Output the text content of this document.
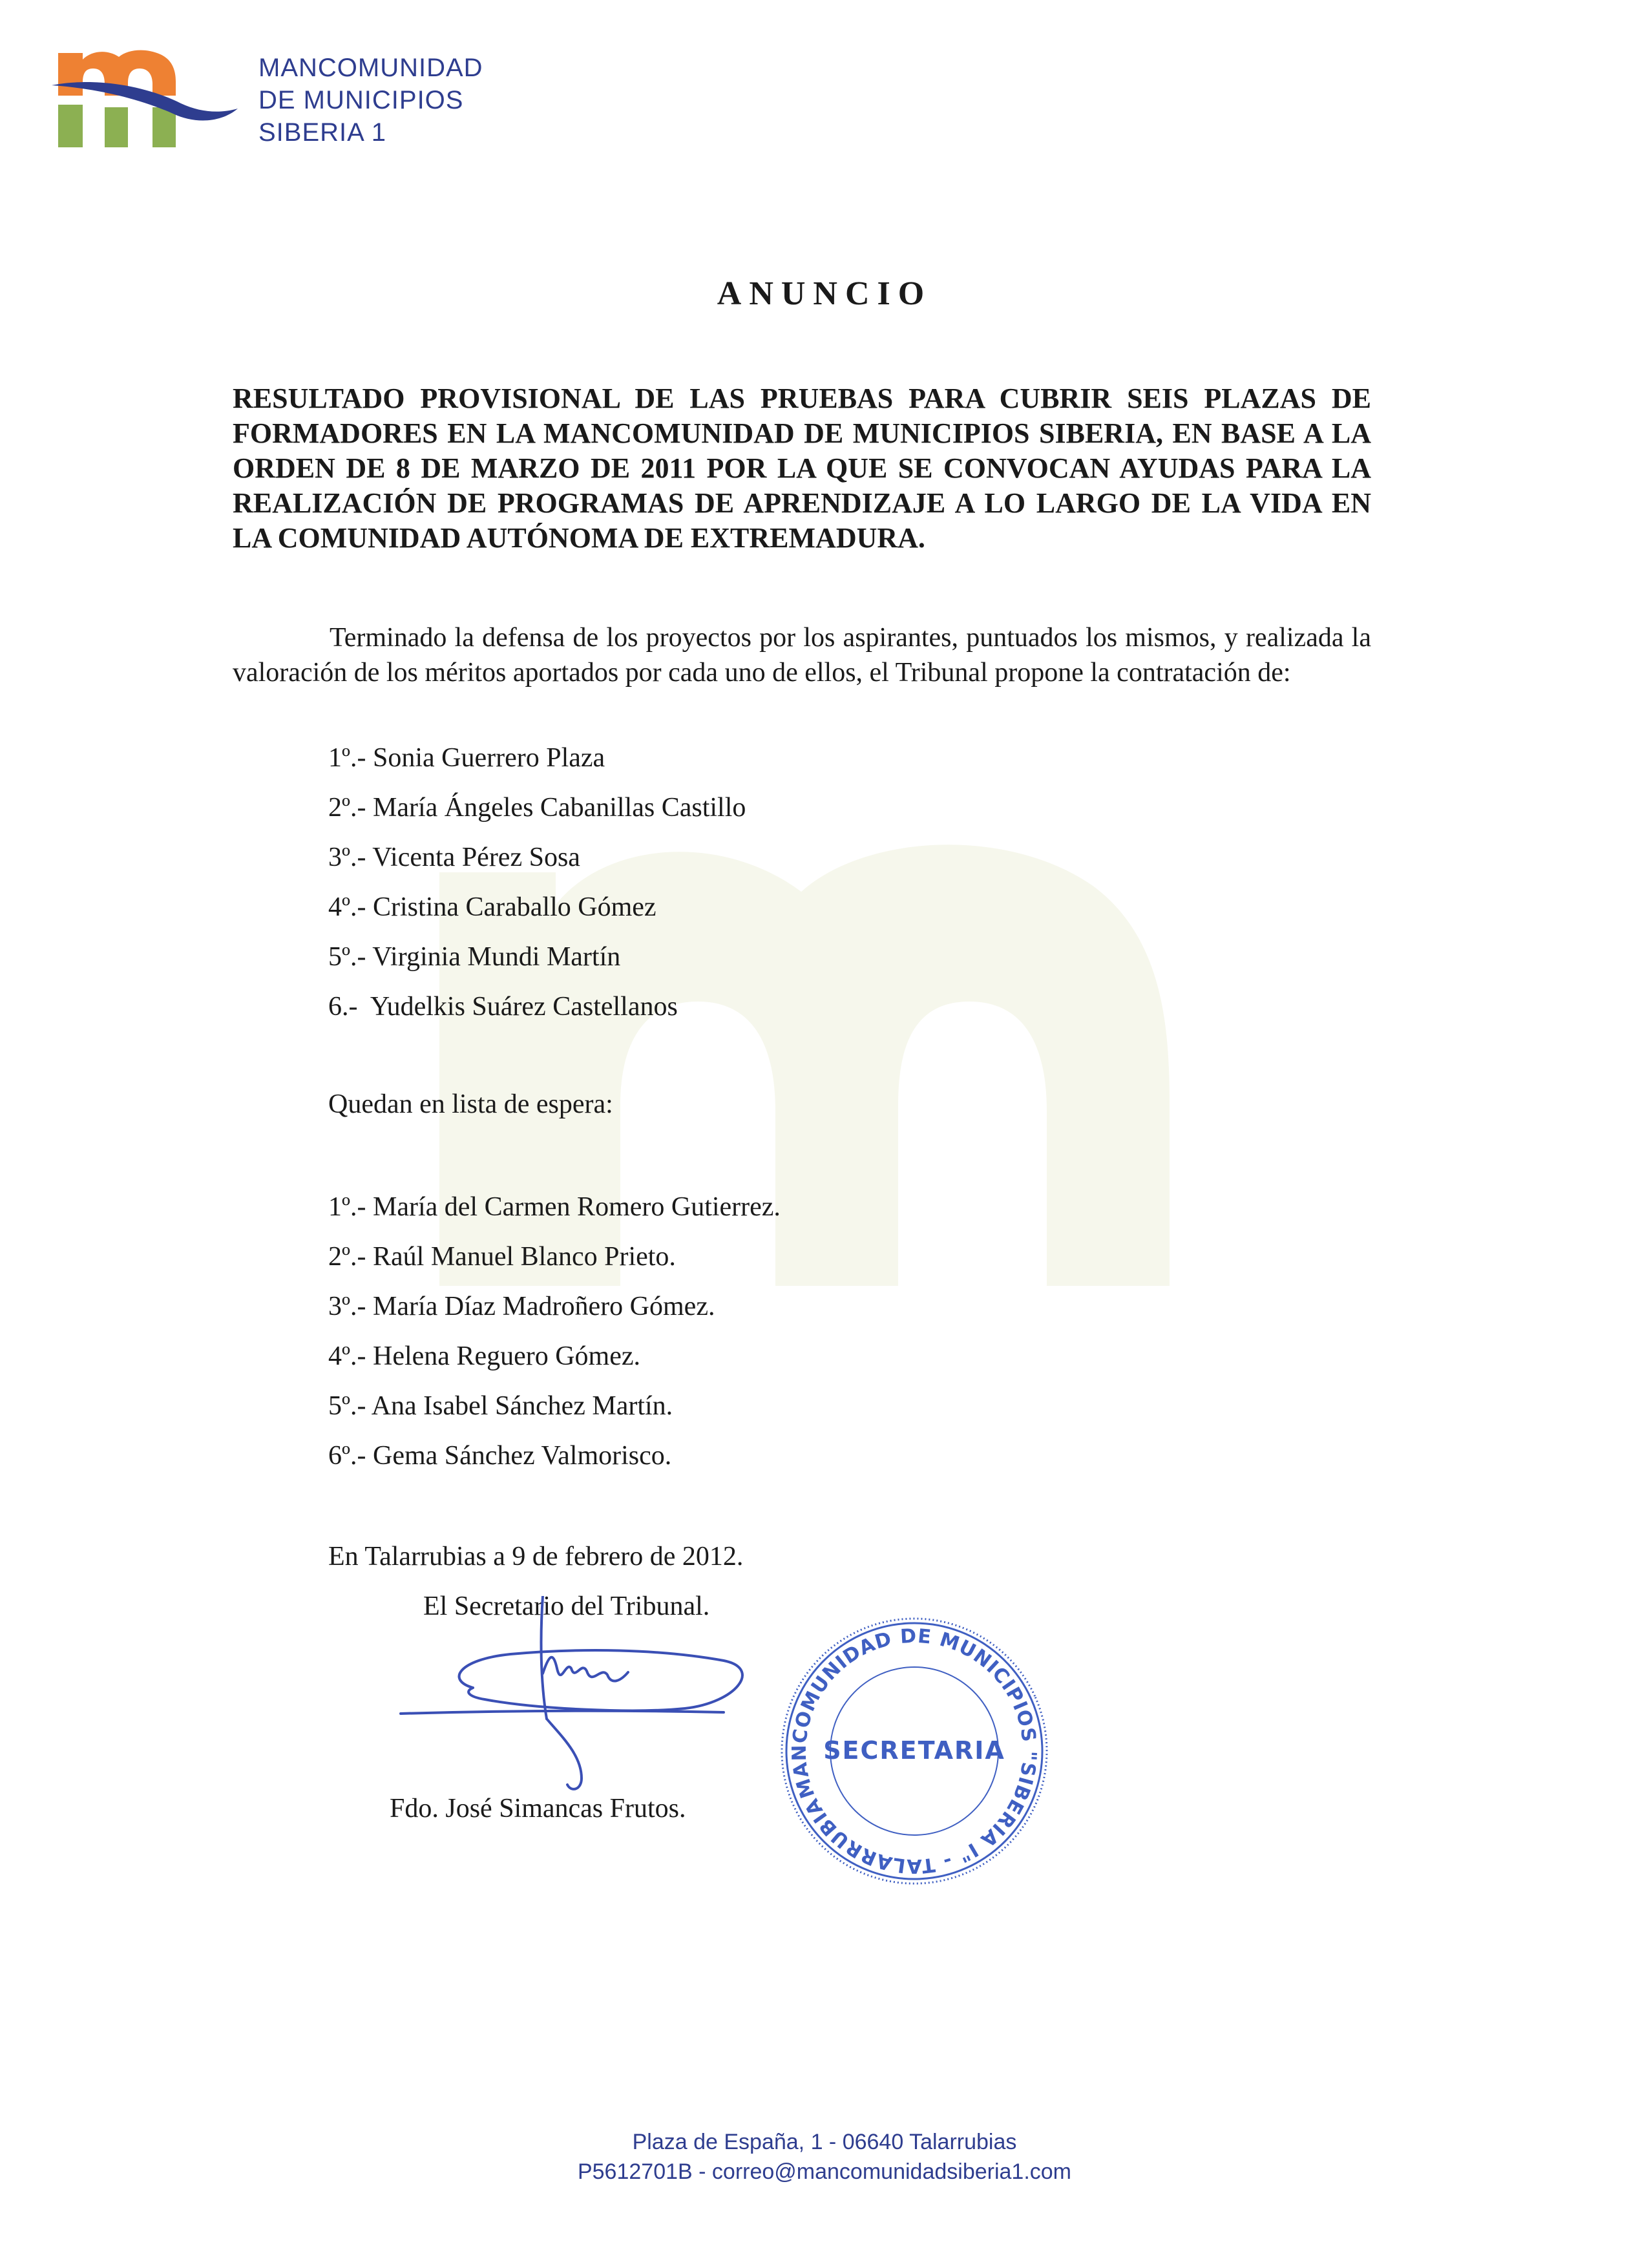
MANCOMUNIDAD
DE MUNICIPIOS
SIBERIA 1
ANUNCIO
RESULTADO PROVISIONAL DE LAS PRUEBAS PARA CUBRIR SEIS PLAZAS DE FORMADORES EN LA MANCOMUNIDAD DE MUNICIPIOS SIBERIA, EN BASE A LA ORDEN DE 8 DE MARZO DE 2011 POR LA QUE SE CONVOCAN AYUDAS PARA LA REALIZACIÓN DE PROGRAMAS DE APRENDIZAJE A LO LARGO DE LA VIDA EN LA COMUNIDAD AUTÓNOMA DE EXTREMADURA.
Terminado la defensa de los proyectos por los aspirantes, puntuados los mismos, y realizada la valoración de los méritos aportados por cada uno de ellos, el Tribunal propone la contratación de:
1º.- Sonia Guerrero Plaza
2º.- María Ángeles Cabanillas Castillo
3º.- Vicenta Pérez Sosa
4º.- Cristina Caraballo Gómez
5º.- Virginia Mundi Martín
6.-  Yudelkis Suárez Castellanos
Quedan en lista de espera:
1º.- María del Carmen Romero Gutierrez.
2º.- Raúl Manuel Blanco Prieto.
3º.- María Díaz Madroñero Gómez.
4º.- Helena Reguero Gómez.
5º.- Ana Isabel Sánchez Martín.
6º.- Gema Sánchez Valmorisco.
En Talarrubias a 9 de febrero de 2012.
El Secretario del Tribunal.
MANCOMUNIDAD DE MUNICIPIOS "SIBERIA I" - TALARRUBIAS
SECRETARIA
Fdo. José Simancas Frutos.
Plaza de España, 1 - 06640 Talarrubias
P5612701B - correo@mancomunidadsiberia1.com
